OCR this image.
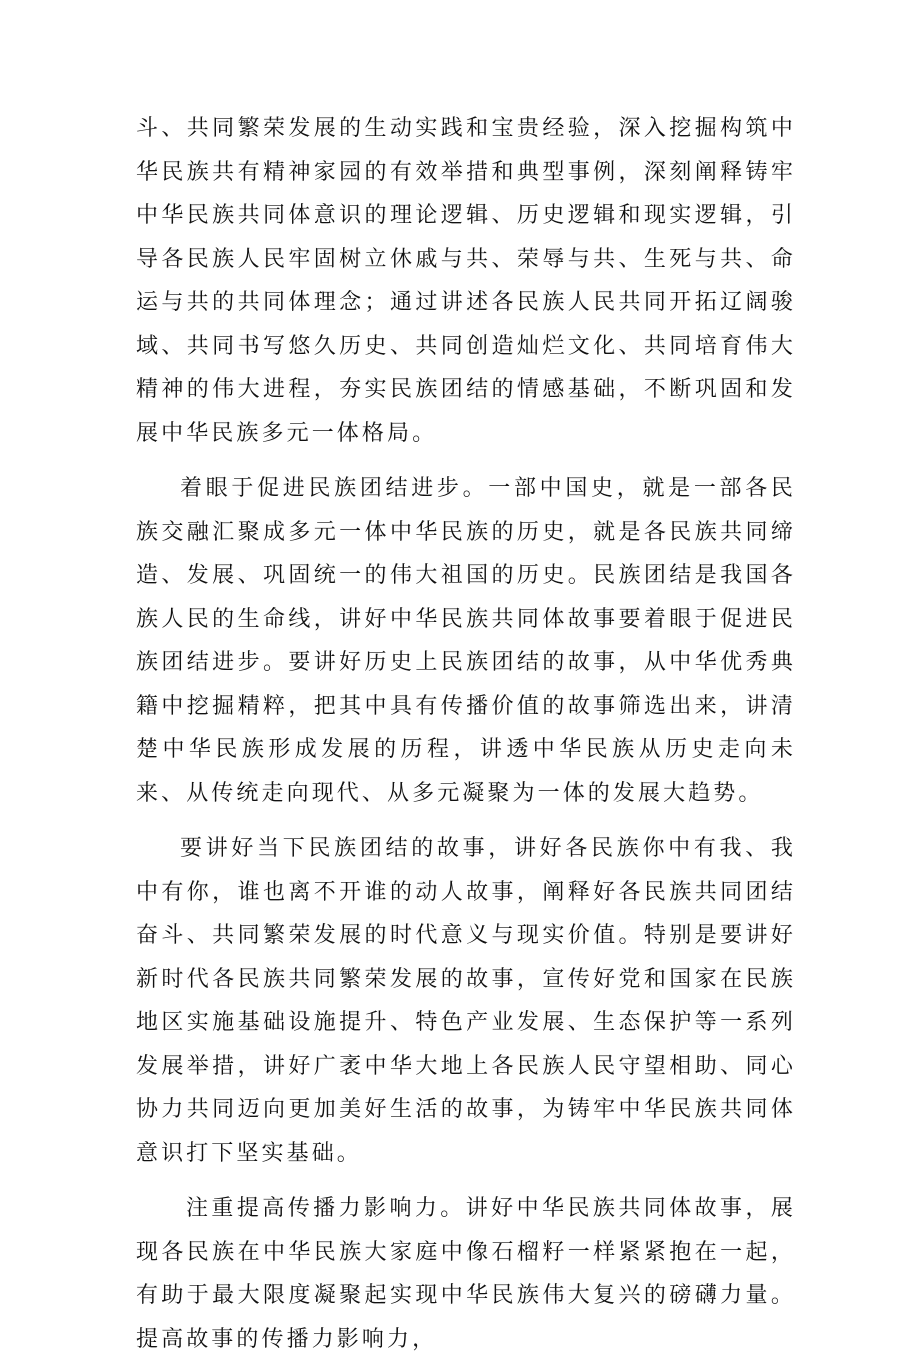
斗、共同繁荣发展的生动实践和宝贵经验，深入挖掘构筑中华民族共有精神家园的有效举措和典型事例，深刻阐释铸牢中华民族共同体意识的理论逻辑、历史逻辑和现实逻辑，引导各民族人民牢固树立休戚与共、荣辱与共、生死与共、命运与共的共同体理念；通过讲述各民族人民共同开拓辽阔骏域、共同书写悠久历史、共同创造灿烂文化、共同培育伟大精神的伟大进程，夯实民族团结的情感基础，不断巩固和发展中华民族多元一体格局。

着眼于促进民族团结进步。一部中国史，就是一部各民族交融汇聚成多元一体中华民族的历史，就是各民族共同缔造、发展、巩固统一的伟大祖国的历史。民族团结是我国各族人民的生命线，讲好中华民族共同体故事要着眼于促进民族团结进步。要讲好历史上民族团结的故事，从中华优秀典籍中挖掘精粹，把其中具有传播价值的故事筛选出来，讲清楚中华民族形成发展的历程，讲透中华民族从历史走向未来、从传统走向现代、从多元凝聚为一体的发展大趋势。

要讲好当下民族团结的故事，讲好各民族你中有我、我中有你，谁也离不开谁的动人故事，阐释好各民族共同团结奋斗、共同繁荣发展的时代意义与现实价值。特别是要讲好新时代各民族共同繁荣发展的故事，宣传好党和国家在民族地区实施基础设施提升、特色产业发展、生态保护等一系列发展举措，讲好广袤中华大地上各民族人民守望相助、同心协力共同迈向更加美好生活的故事，为铸牢中华民族共同体意识打下坚实基础。

注重提高传播力影响力。讲好中华民族共同体故事，展现各民族在中华民族大家庭中像石榴籽一样紧紧抱在一起，有助于最大限度凝聚起实现中华民族伟大复兴的磅礴力量。提高故事的传播力影响力，
